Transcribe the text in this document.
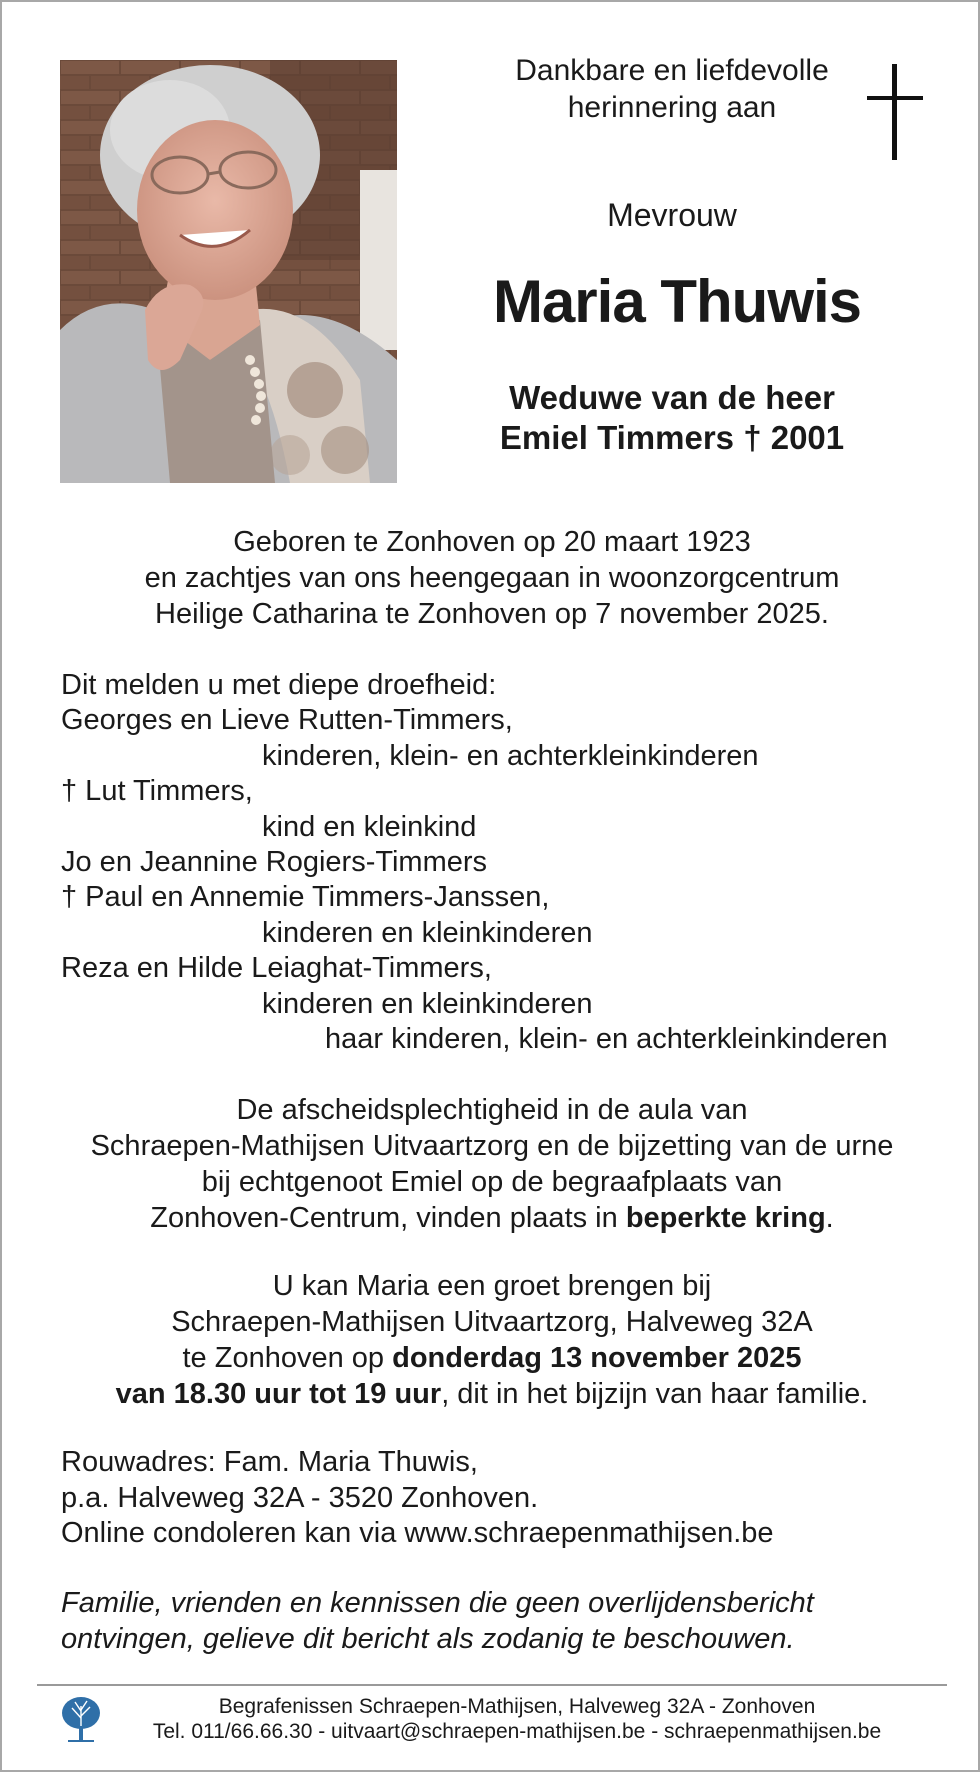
Dankbare en liefdevolle
herinnering aan
Mevrouw
Maria Thuwis
Weduwe van de heer
Emiel Timmers † 2001
Geboren te Zonhoven op 20 maart 1923
en zachtjes van ons heengegaan in woonzorgcentrum
Heilige Catharina te Zonhoven op 7 november 2025.
Dit melden u met diepe droefheid:
Georges en Lieve Rutten-Timmers,
kinderen, klein- en achterkleinkinderen
† Lut Timmers,
kind en kleinkind
Jo en Jeannine Rogiers-Timmers
† Paul en Annemie Timmers-Janssen,
kinderen en kleinkinderen
Reza en Hilde Leiaghat-Timmers,
kinderen en kleinkinderen
haar kinderen, klein- en achterkleinkinderen
De afscheidsplechtigheid in de aula van
Schraepen-Mathijsen Uitvaartzorg en de bijzetting van de urne
bij echtgenoot Emiel op de begraafplaats van
Zonhoven-Centrum, vinden plaats in beperkte kring.
U kan Maria een groet brengen bij
Schraepen-Mathijsen Uitvaartzorg, Halveweg 32A
te Zonhoven op donderdag 13 november 2025
van 18.30 uur tot 19 uur, dit in het bijzijn van haar familie.
Rouwadres: Fam. Maria Thuwis,
p.a. Halveweg 32A - 3520 Zonhoven.
Online condoleren kan via www.schraepenmathijsen.be
Familie, vrienden en kennissen die geen overlijdensbericht
ontvingen, gelieve dit bericht als zodanig te beschouwen.
Begrafenissen Schraepen-Mathijsen, Halveweg 32A - Zonhoven
Tel. 011/66.66.30 - uitvaart@schraepen-mathijsen.be - schraepenmathijsen.be
